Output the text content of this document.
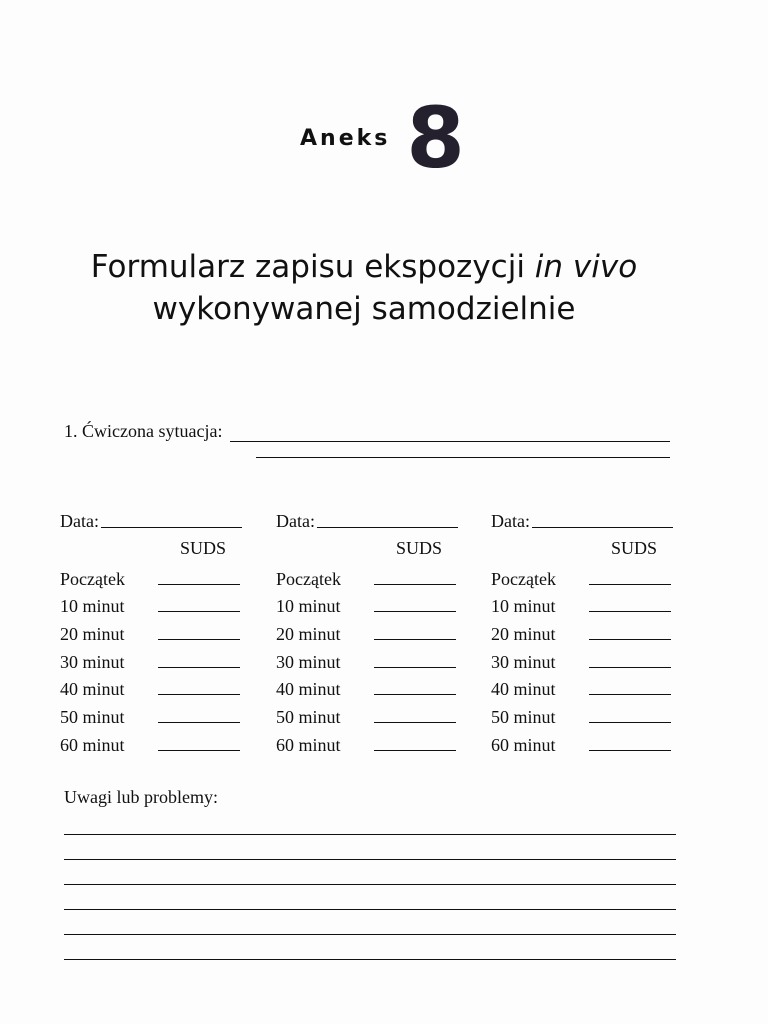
Aneks 8
Formularz zapisu ekspozycji in vivo
wykonywanej samodzielnie
1. Ćwiczona sytuacja:
Data:
SUDS
Początek
10 minut
20 minut
30 minut
40 minut
50 minut
60 minut
Data:
SUDS
Początek
10 minut
20 minut
30 minut
40 minut
50 minut
60 minut
Data:
SUDS
Początek
10 minut
20 minut
30 minut
40 minut
50 minut
60 minut
Uwagi lub problemy:
